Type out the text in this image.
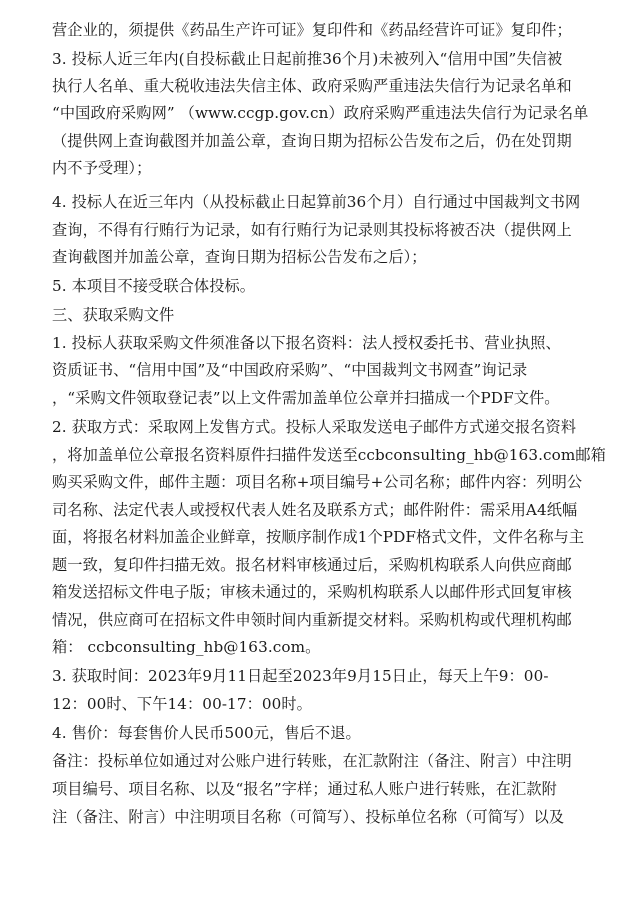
营企业的，须提供《药品生产许可证》复印件和《药品经营许可证》复印件；
3. 投标人近三年内(自投标截止日起前推36个月)未被列入“信用中国”失信被
执行人名单、重大税收违法失信主体、政府采购严重违法失信行为记录名单和
“中国政府采购网” （www.ccgp.gov.cn）政府采购严重违法失信行为记录名单
（提供网上查询截图并加盖公章，查询日期为招标公告发布之后，仍在处罚期
内不予受理）；
4. 投标人在近三年内（从投标截止日起算前36个月）自行通过中国裁判文书网
查询，不得有行贿行为记录，如有行贿行为记录则其投标将被否决（提供网上
查询截图并加盖公章，查询日期为招标公告发布之后）；
5. 本项目不接受联合体投标。
三、获取采购文件
1. 投标人获取采购文件须准备以下报名资料：法人授权委托书、营业执照、
资质证书、“信用中国”及“中国政府采购”、“中国裁判文书网查”询记录
，“采购文件领取登记表”以上文件需加盖单位公章并扫描成一个PDF文件。
2. 获取方式：采取网上发售方式。投标人采取发送电子邮件方式递交报名资料
，将加盖单位公章报名资料原件扫描件发送至ccbconsulting_hb@163.com邮箱
购买采购文件，邮件主题：项目名称+项目编号+公司名称；邮件内容：列明公
司名称、法定代表人或授权代表人姓名及联系方式；邮件附件：需采用A4纸幅
面，将报名材料加盖企业鲜章，按顺序制作成1个PDF格式文件，文件名称与主
题一致，复印件扫描无效。报名材料审核通过后，采购机构联系人向供应商邮
箱发送招标文件电子版；审核未通过的，采购机构联系人以邮件形式回复审核
情况，供应商可在招标文件申领时间内重新提交材料。采购机构或代理机构邮
箱： ccbconsulting_hb@163.com。
3. 获取时间：2023年9月11日起至2023年9月15日止，每天上午9：00-
12：00时、下午14：00-17：00时。
4. 售价：每套售价人民币500元，售后不退。
备注：投标单位如通过对公账户进行转账，在汇款附注（备注、附言）中注明
项目编号、项目名称、以及“报名”字样；通过私人账户进行转账，在汇款附
注（备注、附言）中注明项目名称（可简写）、投标单位名称（可简写）以及
